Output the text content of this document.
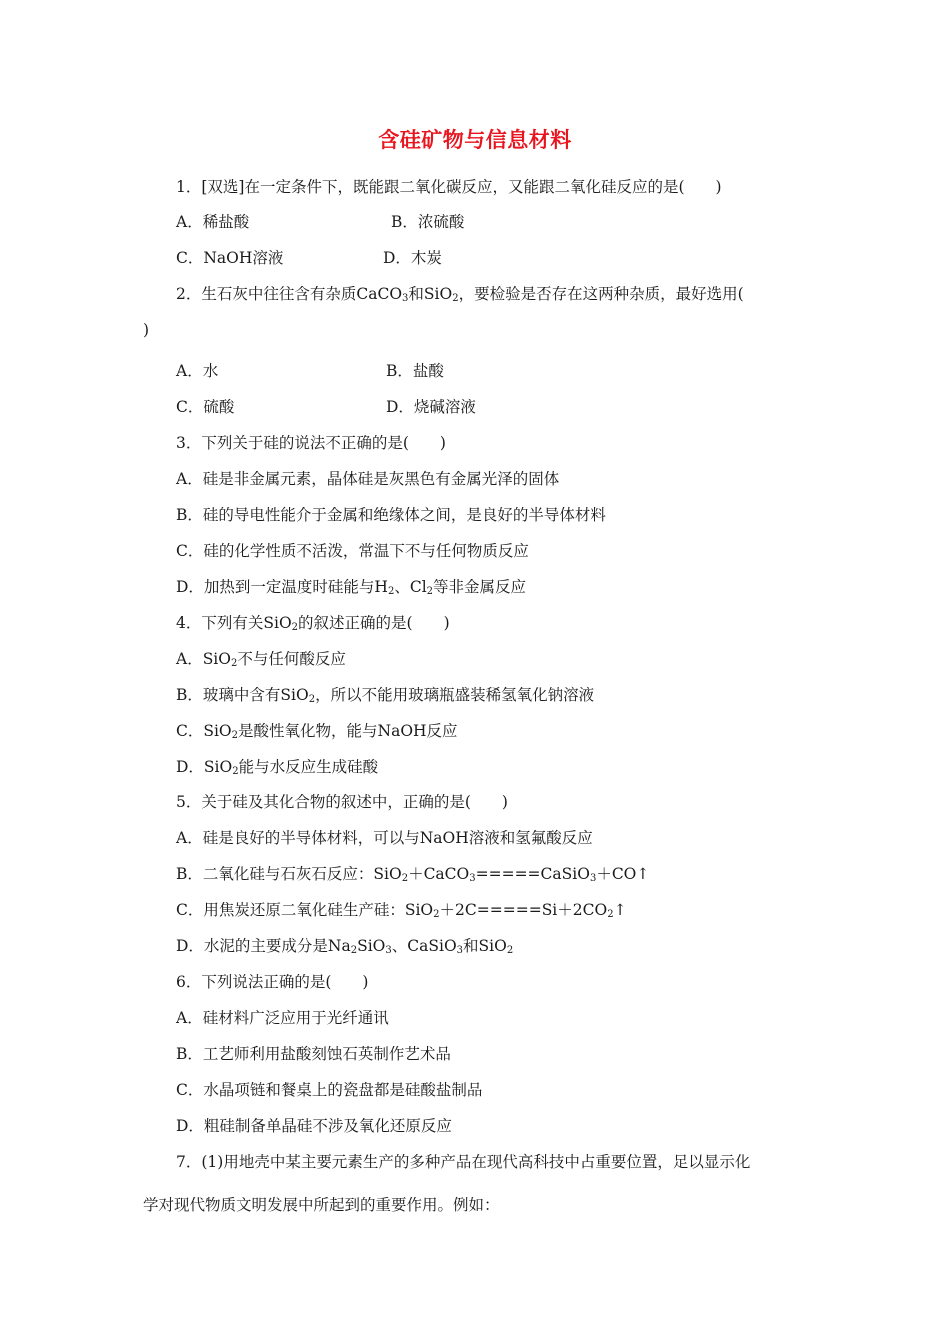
含硅矿物与信息材料
1．[双选]在一定条件下，既能跟二氧化碳反应，又能跟二氧化硅反应的是(　　)
A．稀盐酸	B．浓硫酸
C．NaOH溶液	D．木炭
2．生石灰中往往含有杂质CaCO$_3$和SiO$_2$，要检验是否存在这两种杂质，最好选用(
)
A．水	B．盐酸
C．硫酸	D．烧碱溶液
3．下列关于硅的说法不正确的是(　　)
A．硅是非金属元素，晶体硅是灰黑色有金属光泽的固体
B．硅的导电性能介于金属和绝缘体之间，是良好的半导体材料
C．硅的化学性质不活泼，常温下不与任何物质反应
D．加热到一定温度时硅能与$H_2$、$Cl_2$等非金属反应
4．下列有关SiO$_2$的叙述正确的是(　　)
A．SiO$_2$不与任何酸反应
B．玻璃中含有SiO$_2$，所以不能用玻璃瓶盛装稀氢氧化钠溶液
C．SiO$_2$是酸性氧化物，能与NaOH反应
D．SiO$_2$能与水反应生成硅酸
5．关于硅及其化合物的叙述中，正确的是(　　)
A．硅是良好的半导体材料，可以与NaOH溶液和氢氟酸反应
B．二氧化硅与石灰石反应：SiO$_2$＋CaCO$_3$=====CaSiO$_3$＋CO↑
C．用焦炭还原二氧化硅生产硅：$SiO_2+2C=====Si+2CO_2↑$
D．水泥的主要成分是$Na_2SiO_3$、CaSiO$_3$和SiO$_2$
6．下列说法正确的是(　　)
A．硅材料广泛应用于光纤通讯
B．工艺师利用盐酸刻蚀石英制作艺术品
C．水晶项链和餐桌上的瓷盘都是硅酸盐制品
D．粗硅制备单晶硅不涉及氧化还原反应
7．(1)用地壳中某主要元素生产的多种产品在现代高科技中占重要位置，足以显示化
学对现代物质文明发展中所起到的重要作用。例如：
